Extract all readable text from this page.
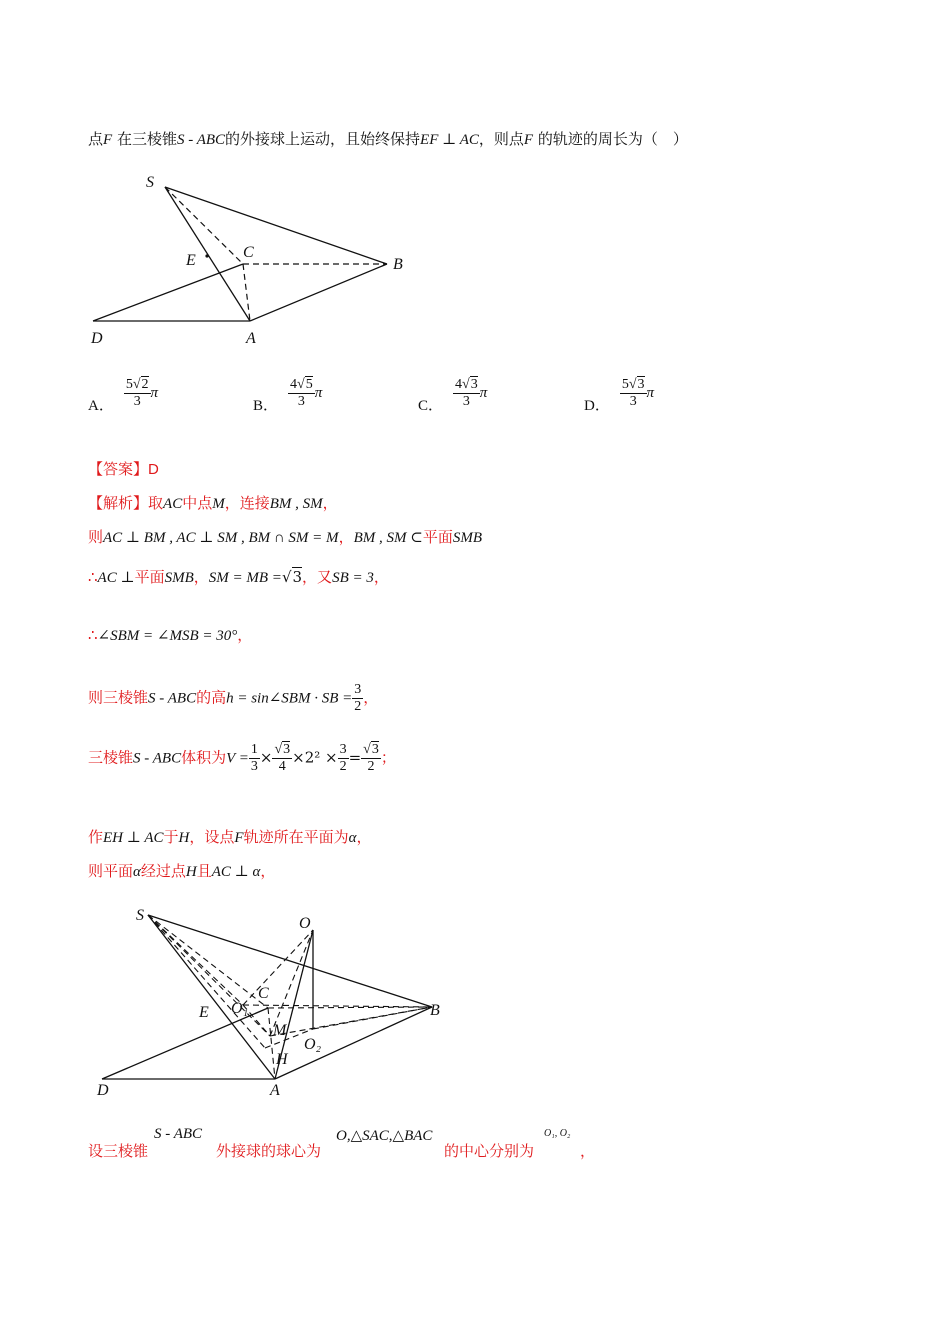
点F 在三棱锥S - ABC的外接球上运动，且始终保持EF ⊥ AC，则点F 的轨迹的周长为（　）
S
E	C
B
D	A
A． $\frac{5√2}{3}$ π
B． $\frac{4√5}{3}$ π
C． $\frac{4√3}{3}$ π
D． $\frac{5√3}{3}$ π
【答案】D
【解析】取AC中点M，连接BM , SM，
则AC ⊥ BM , AC ⊥ SM , BM ∩ SM = M，BM , SM ⊂平面SMB
∴AC ⊥平面SMB，SM = MB =√3，又SB = 3，
∴∠SBM = ∠MSB = 30°，
则三棱锥S - ABC的高h = sin∠SBM · SB = $\frac{3}{2}$ ，
三棱锥S - ABC体积为$V = \frac{1}{3} \times \frac{√3}{4} \times 2^2 \times \frac{3}{2} = \frac{√3}{2}$ ；
作EH ⊥ AC于H，设点F轨迹所在平面为α，
则平面α经过点H且AC ⊥ α，
S	O
C
E O₁	B
M
O₂
H
D	A
设三棱锥
S - ABC
外接球的球心为
O,△SAC,△BAC
的中心分别为
O₁, O₂
，
